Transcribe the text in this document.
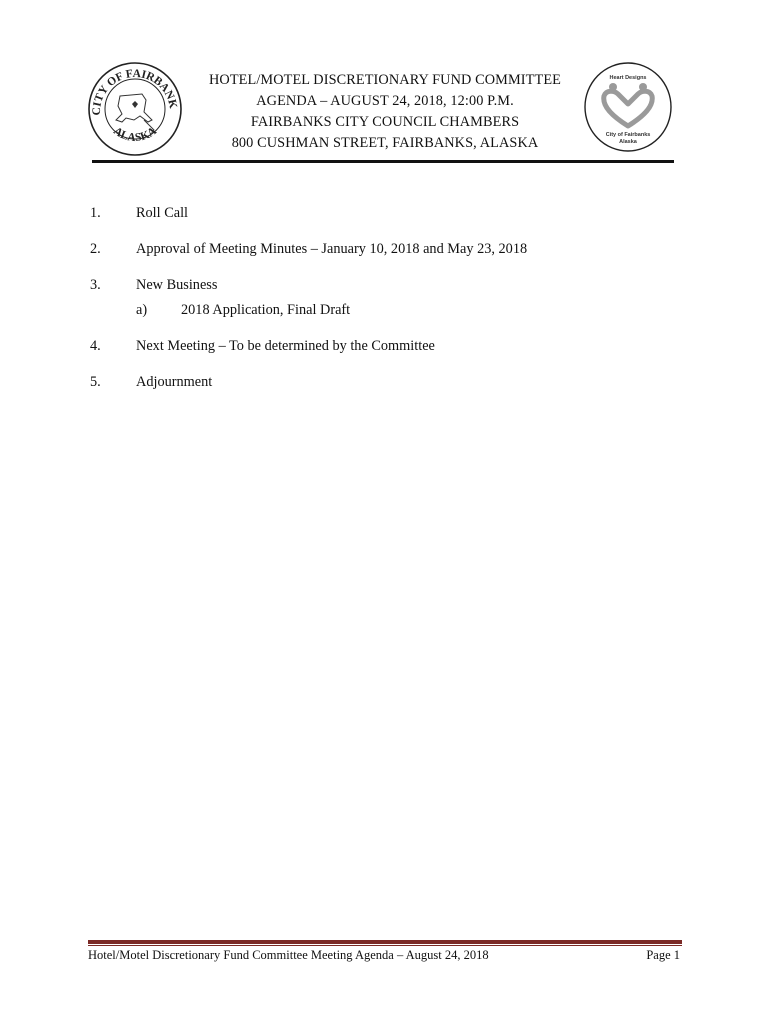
CITY OF FAIRBANK
ALASKA
HOTEL/MOTEL DISCRETIONARY FUND COMMITTEE
AGENDA – AUGUST 24, 2018, 12:00 P.M.
FAIRBANKS CITY COUNCIL CHAMBERS
800 CUSHMAN STREET, FAIRBANKS, ALASKA
Heart Designs
City of Fairbanks
Alaska
1. Roll Call
2. Approval of Meeting Minutes – January 10, 2018 and May 23, 2018
3. New Business
a) 2018 Application, Final Draft
4. Next Meeting – To be determined by the Committee
5. Adjournment
Hotel/Motel Discretionary Fund Committee Meeting Agenda – August 24, 2018	Page 1
